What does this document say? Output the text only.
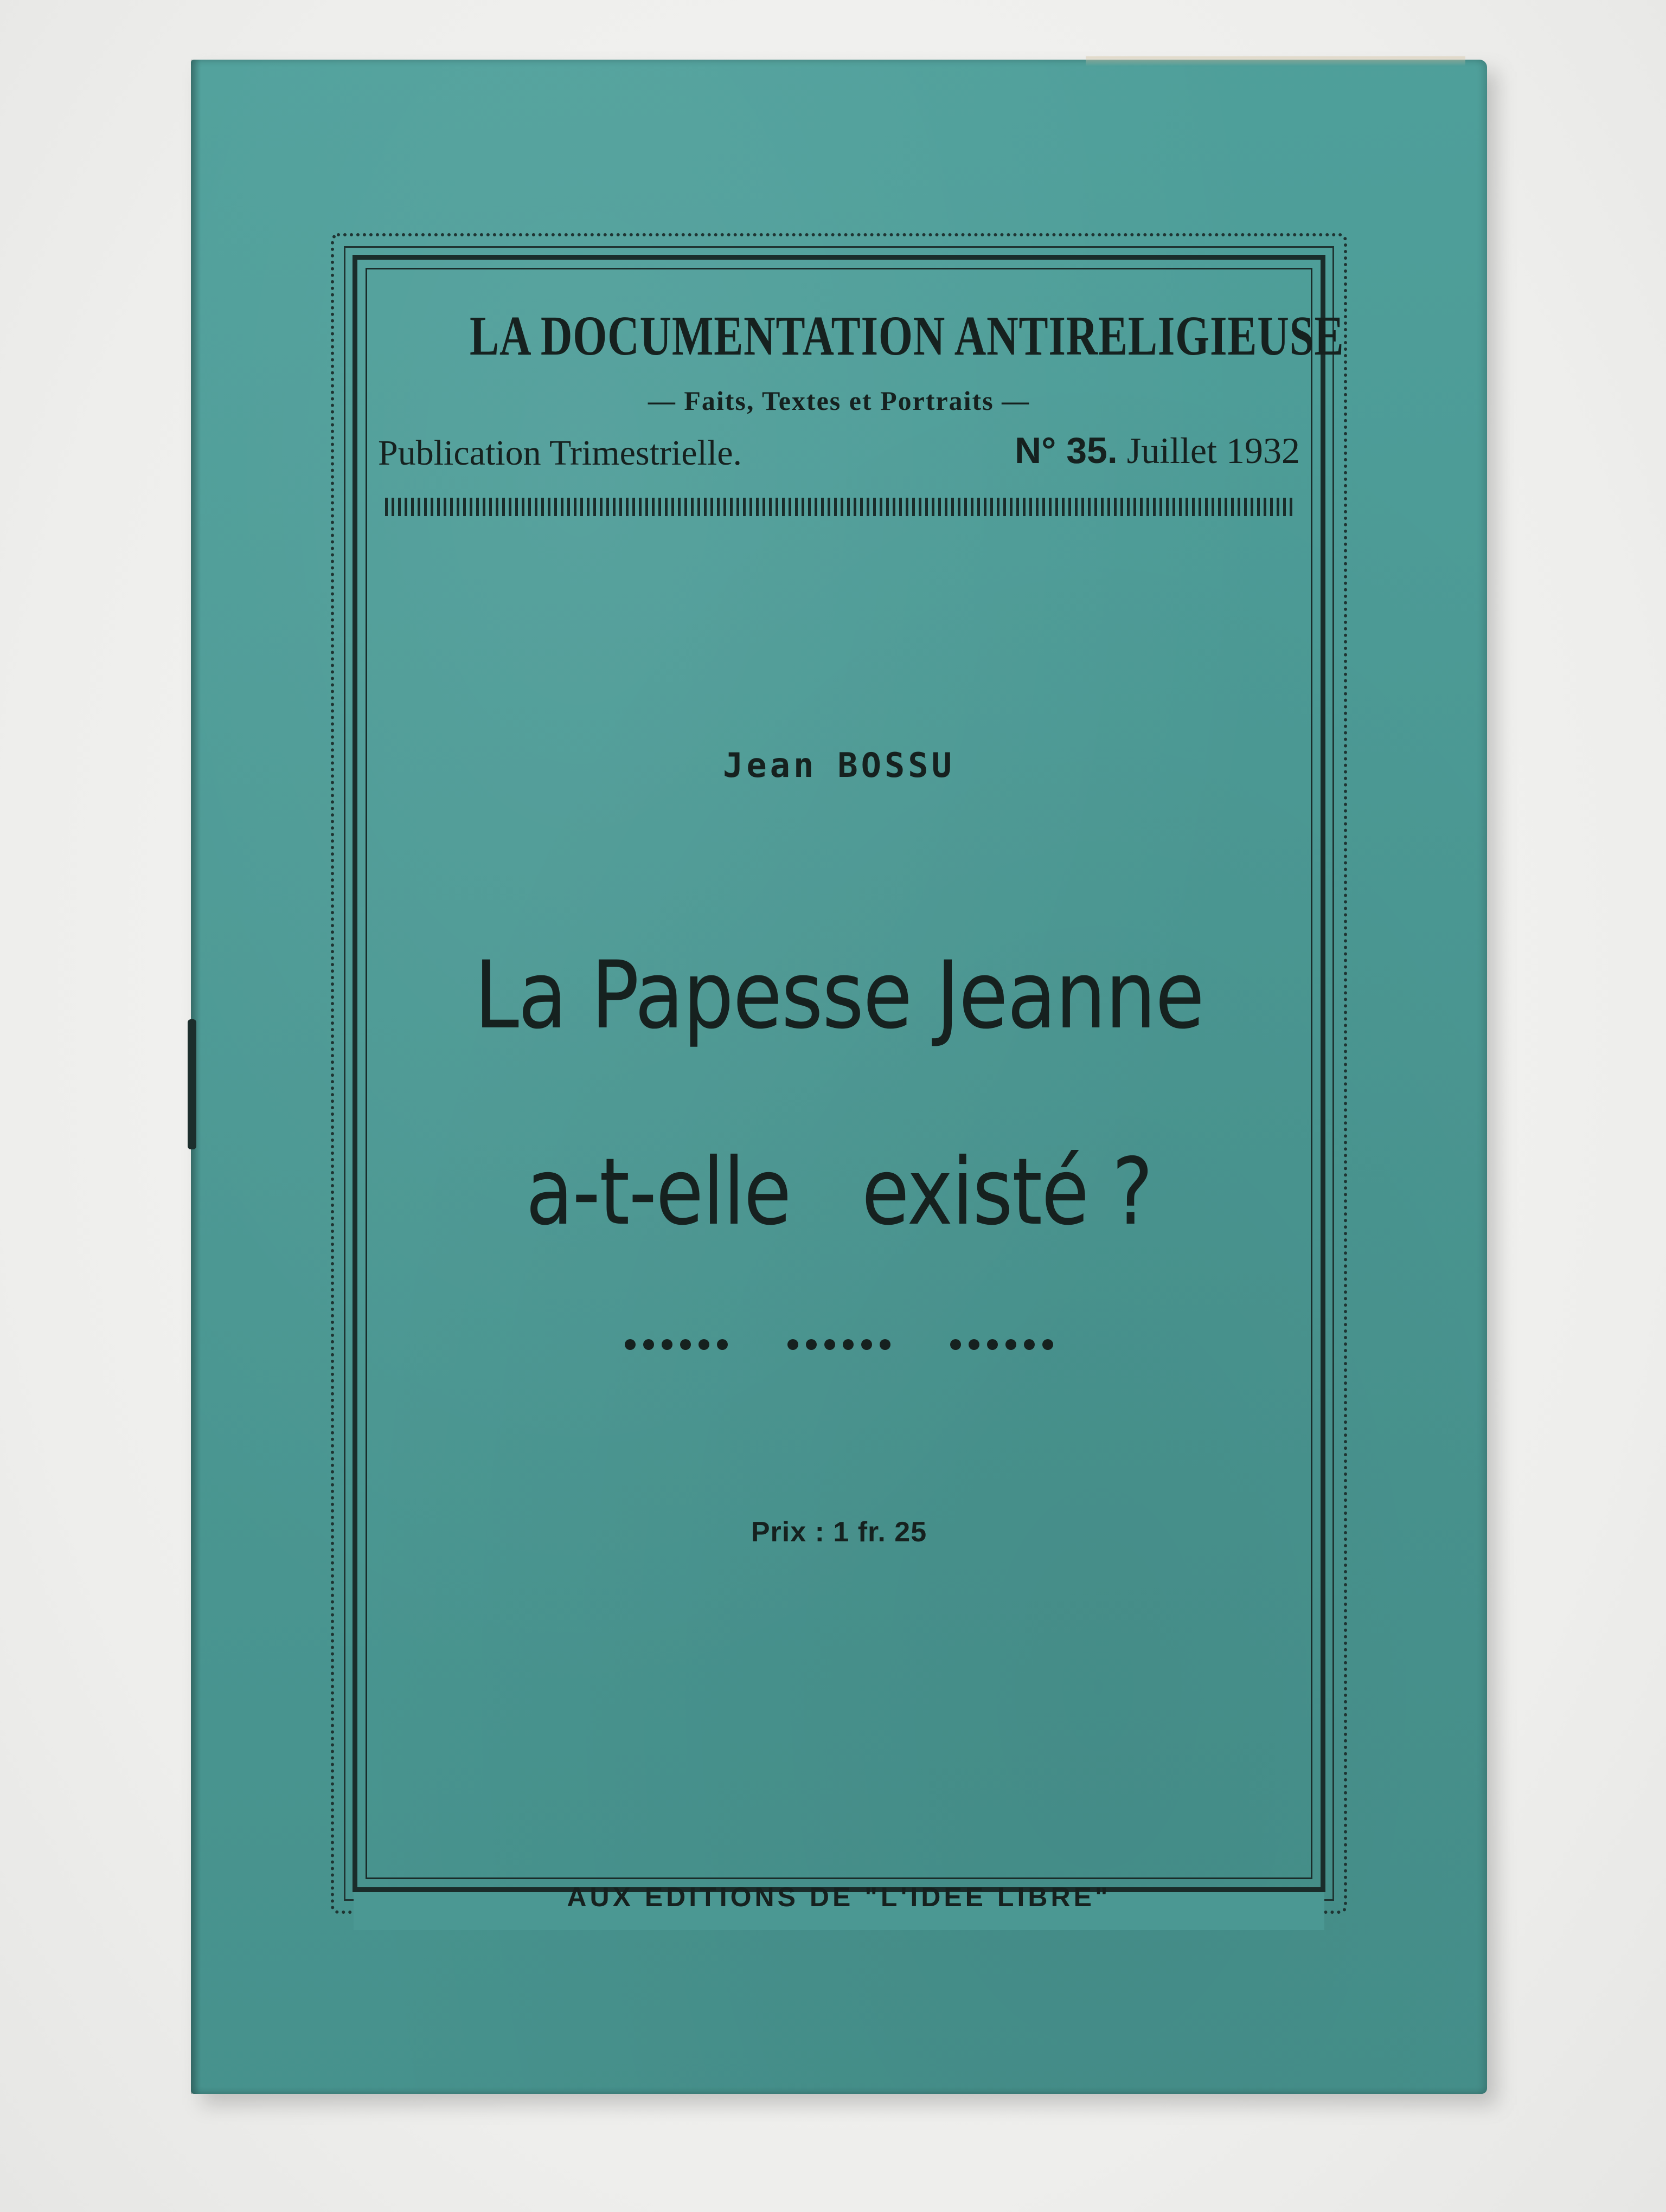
LA DOCUMENTATION ANTIRELIGIEUSE
— Faits, Textes et Portraits —
Publication Trimestrielle.	N° 35. Juillet 1932
Jean BOSSU
La Papesse Jeanne
a-t-elle   existé ?
Prix : 1 fr. 25
AUX EDITIONS DE "L'IDEE LIBRE"
